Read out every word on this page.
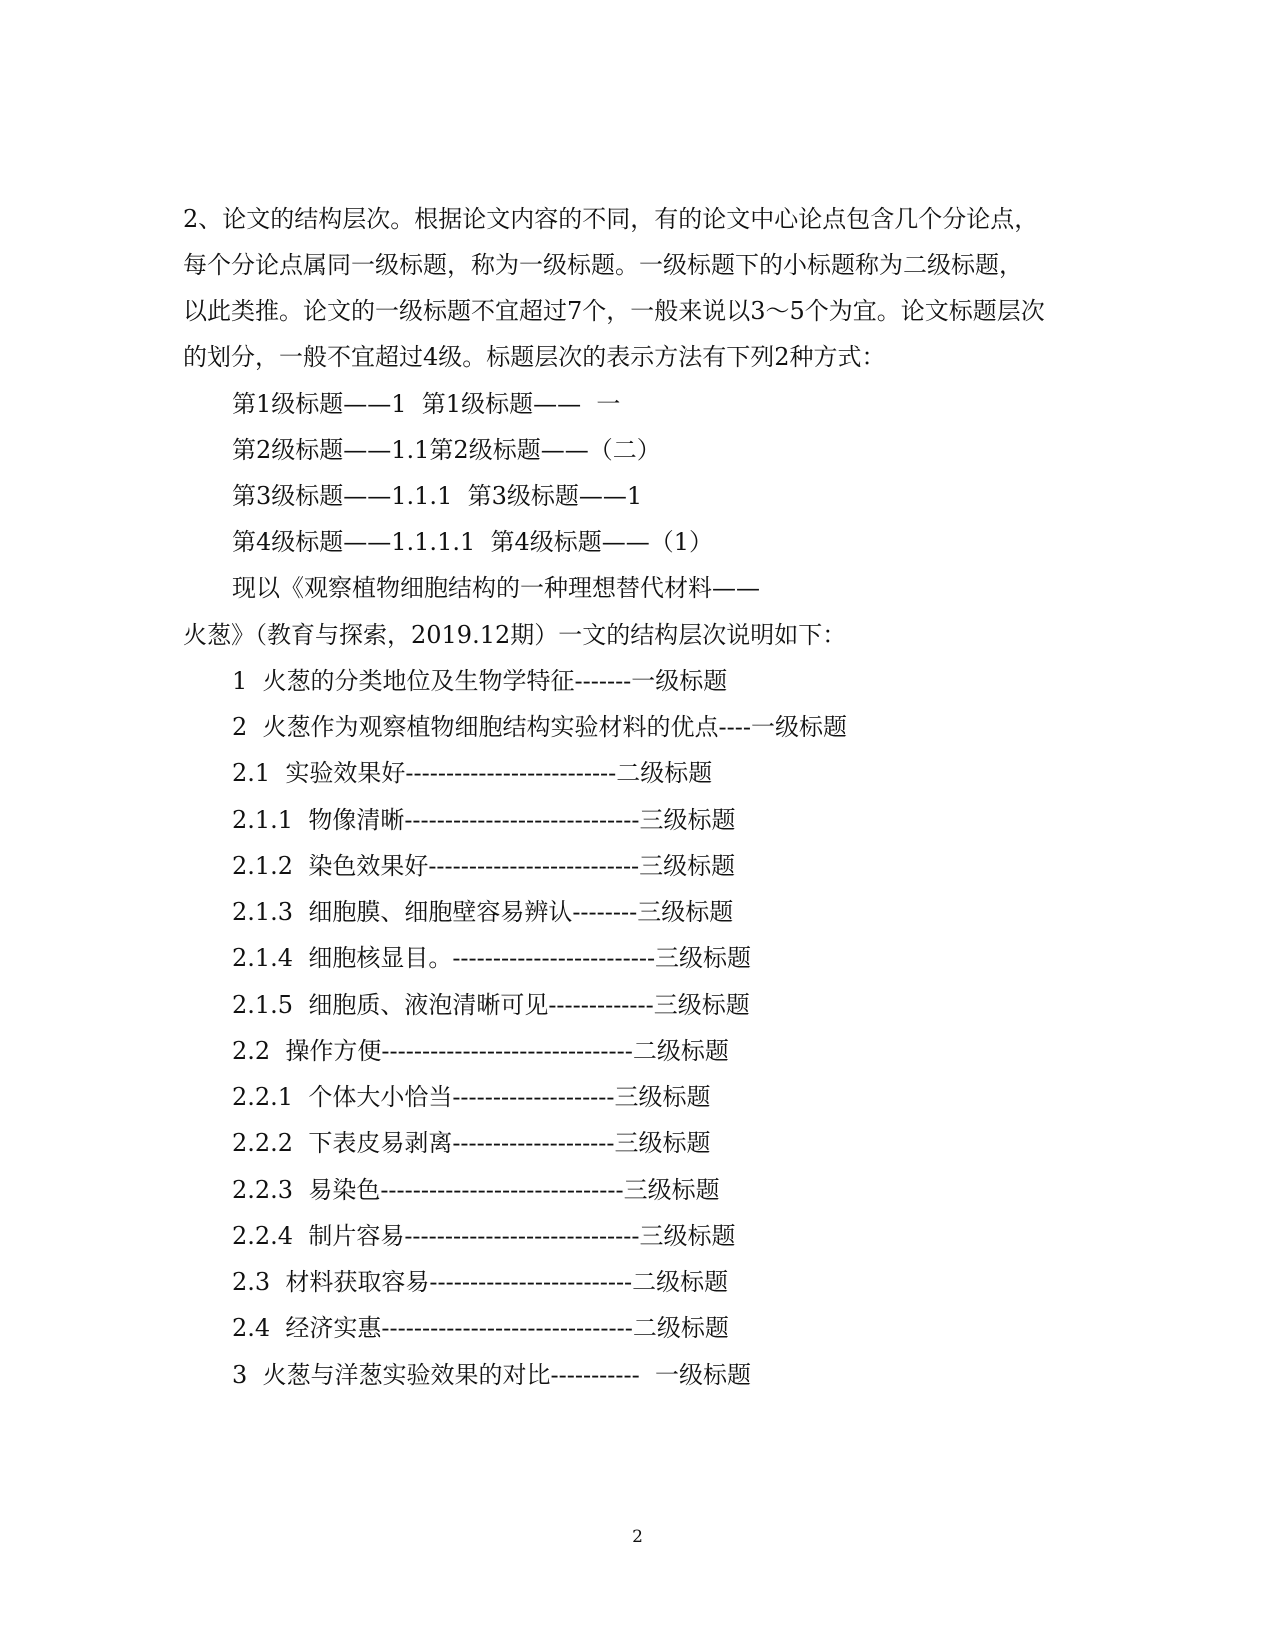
2、论文的结构层次。根据论文内容的不同，有的论文中心论点包含几个分论点，
每个分论点属同一级标题，称为一级标题。一级标题下的小标题称为二级标题，
以此类推。论文的一级标题不宜超过7个，一般来说以3～5个为宜。论文标题层次
的划分，一般不宜超过4级。标题层次的表示方法有下列2种方式：
第1级标题——1  第1级标题——  一
第2级标题——1.1第2级标题——（二）
第3级标题——1.1.1  第3级标题——1
第4级标题——1.1.1.1  第4级标题——（1）
现以《观察植物细胞结构的一种理想替代材料——
火葱》（教育与探索，2019.12期）一文的结构层次说明如下：
1  火葱的分类地位及生物学特征-------一级标题
2  火葱作为观察植物细胞结构实验材料的优点----一级标题
2.1  实验效果好--------------------------二级标题
2.1.1  物像清晰-----------------------------三级标题
2.1.2  染色效果好--------------------------三级标题
2.1.3  细胞膜、细胞壁容易辨认--------三级标题
2.1.4  细胞核显目。-------------------------三级标题
2.1.5  细胞质、液泡清晰可见-------------三级标题
2.2  操作方便-------------------------------二级标题
2.2.1  个体大小恰当--------------------三级标题
2.2.2  下表皮易剥离--------------------三级标题
2.2.3  易染色------------------------------三级标题
2.2.4  制片容易-----------------------------三级标题
2.3  材料获取容易-------------------------二级标题
2.4  经济实惠-------------------------------二级标题
3  火葱与洋葱实验效果的对比-----------  一级标题
2
